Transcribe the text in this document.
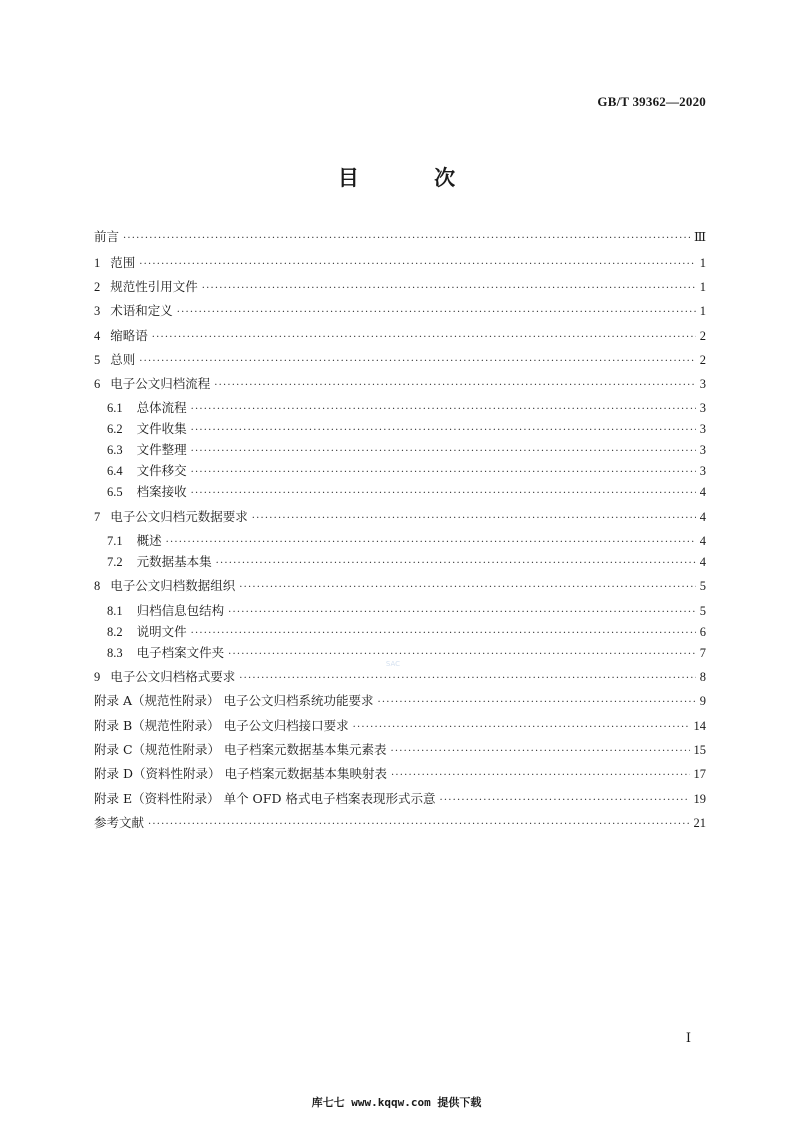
GB/T 39362—2020
目 次
前言 ·····	Ⅲ
1 范围 ·····	1
2 规范性引用文件 ·····	1
3 术语和定义 ·····	1
4 缩略语 ·····	2
5 总则 ·····	2
6 电子公文归档流程 ·····	3
6.1 总体流程 ·····	3
6.2 文件收集 ·····	3
6.3 文件整理 ·····	3
6.4 文件移交 ·····	3
6.5 档案接收 ·····	4
7 电子公文归档元数据要求 ·····	4
7.1 概述 ·····	4
7.2 元数据基本集 ·····	4
8 电子公文归档数据组织 ·····	5
8.1 归档信息包结构 ·····	5
8.2 说明文件 ·····	6
8.3 电子档案文件夹 ·····	7
9 电子公文归档格式要求 ·····	8
附录 A（规范性附录） 电子公文归档系统功能要求 ·····	9
附录 B（规范性附录） 电子公文归档接口要求 ·····	14
附录 C（规范性附录） 电子档案元数据基本集元素表 ·····	15
附录 D（资料性附录） 电子档案元数据基本集映射表 ·····	17
附录 E（资料性附录） 单个 OFD 格式电子档案表现形式示意 ·····	19
参考文献 ·····	21
SAC
Ⅰ
库七七 www.kqqw.com 提供下载
